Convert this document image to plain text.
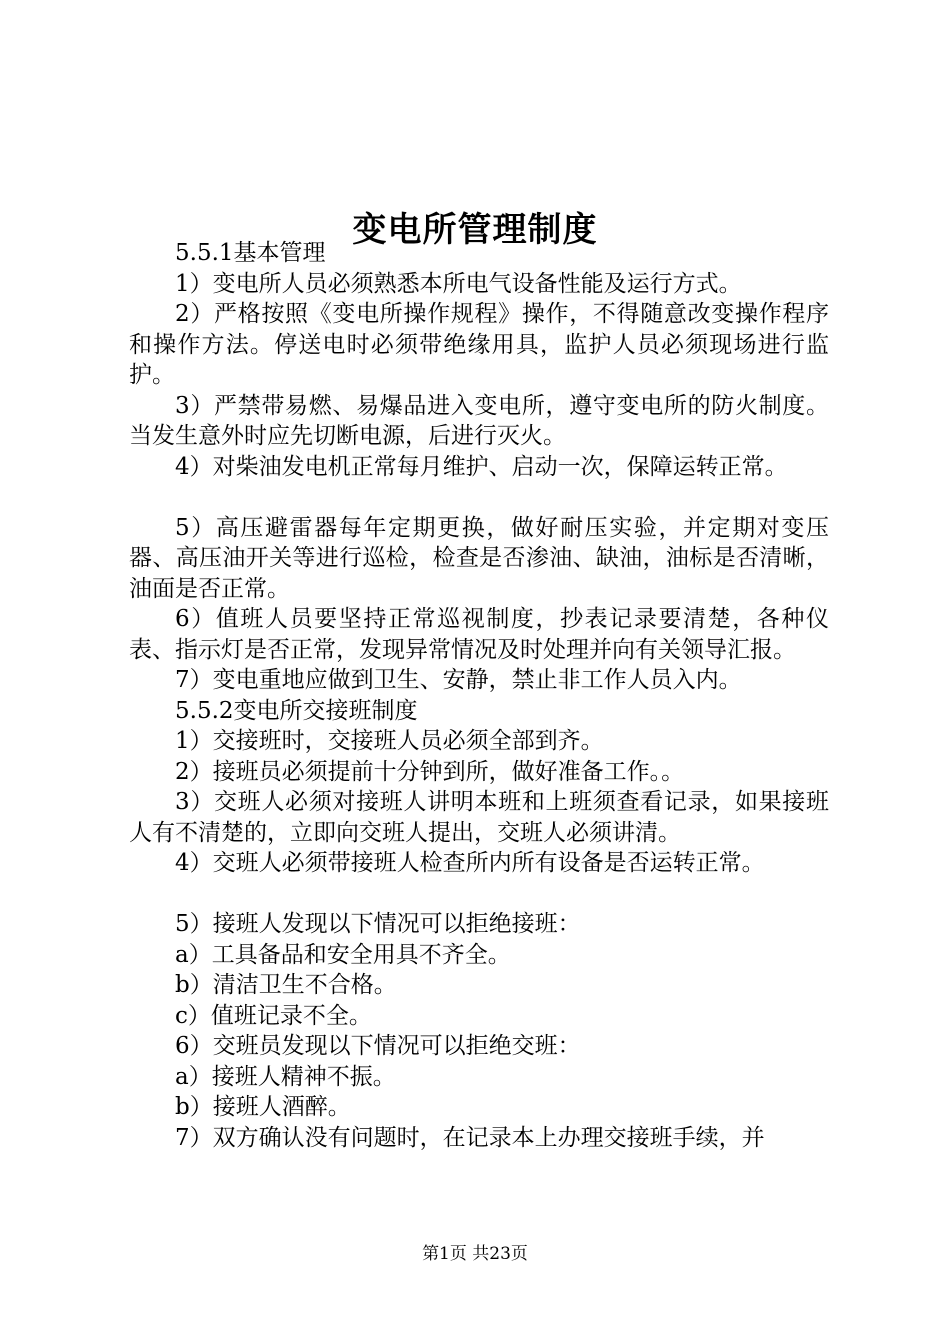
变电所管理制度

5.5.1基本管理

1）变电所人员必须熟悉本所电气设备性能及运行方式。

2）严格按照《变电所操作规程》操作，不得随意改变操作程序和操作方法。停送电时必须带绝缘用具，监护人员必须现场进行监护。

3）严禁带易燃、易爆品进入变电所，遵守变电所的防火制度。当发生意外时应先切断电源，后进行灭火。

4）对柴油发电机正常每月维护、启动一次，保障运转正常。

5）高压避雷器每年定期更换，做好耐压实验，并定期对变压器、高压油开关等进行巡检，检查是否渗油、缺油，油标是否清晰，油面是否正常。

6）值班人员要坚持正常巡视制度，抄表记录要清楚，各种仪表、指示灯是否正常，发现异常情况及时处理并向有关领导汇报。

7）变电重地应做到卫生、安静，禁止非工作人员入内。

5.5.2变电所交接班制度

1）交接班时，交接班人员必须全部到齐。

2）接班员必须提前十分钟到所，做好准备工作。。

3）交班人必须对接班人讲明本班和上班须查看记录，如果接班人有不清楚的，立即向交班人提出，交班人必须讲清。

4）交班人必须带接班人检查所内所有设备是否运转正常。

5）接班人发现以下情况可以拒绝接班：

a）工具备品和安全用具不齐全。

b）清洁卫生不合格。

c）值班记录不全。

6）交班员发现以下情况可以拒绝交班：

a）接班人精神不振。

b）接班人酒醉。

7）双方确认没有问题时，在记录本上办理交接班手续，并

第1页 共23页
